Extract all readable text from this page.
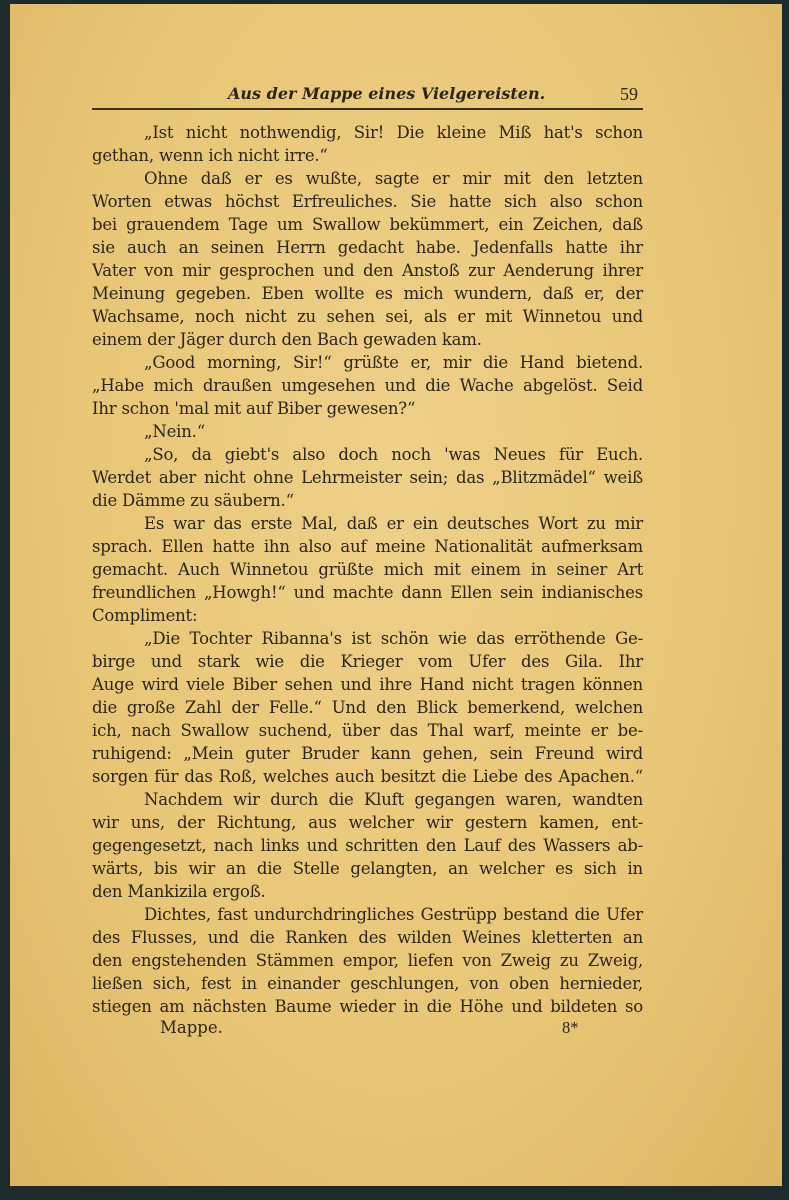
Aus der Mappe eines Vielgereisten.	59
„Ist nicht nothwendig, Sir! Die kleine Miß hat's schon
gethan, wenn ich nicht irre.“
Ohne daß er es wußte, sagte er mir mit den letzten
Worten etwas höchst Erfreuliches. Sie hatte sich also schon
bei grauendem Tage um Swallow bekümmert, ein Zeichen, daß
sie auch an seinen Herrn gedacht habe. Jedenfalls hatte ihr
Vater von mir gesprochen und den Anstoß zur Aenderung ihrer
Meinung gegeben. Eben wollte es mich wundern, daß er, der
Wachsame, noch nicht zu sehen sei, als er mit Winnetou und
einem der Jäger durch den Bach gewaden kam.
„Good morning, Sir!“ grüßte er, mir die Hand bietend.
„Habe mich draußen umgesehen und die Wache abgelöst. Seid
Ihr schon 'mal mit auf Biber gewesen?“
„Nein.“
„So, da giebt's also doch noch 'was Neues für Euch.
Werdet aber nicht ohne Lehrmeister sein; das „Blitzmädel“ weiß
die Dämme zu säubern.“
Es war das erste Mal, daß er ein deutsches Wort zu mir
sprach. Ellen hatte ihn also auf meine Nationalität aufmerksam
gemacht. Auch Winnetou grüßte mich mit einem in seiner Art
freundlichen „Howgh!“ und machte dann Ellen sein indianisches
Compliment:
„Die Tochter Ribanna's ist schön wie das erröthende Ge-
birge und stark wie die Krieger vom Ufer des Gila. Ihr
Auge wird viele Biber sehen und ihre Hand nicht tragen können
die große Zahl der Felle.“ Und den Blick bemerkend, welchen
ich, nach Swallow suchend, über das Thal warf, meinte er be-
ruhigend: „Mein guter Bruder kann gehen, sein Freund wird
sorgen für das Roß, welches auch besitzt die Liebe des Apachen.“
Nachdem wir durch die Kluft gegangen waren, wandten
wir uns, der Richtung, aus welcher wir gestern kamen, ent-
gegengesetzt, nach links und schritten den Lauf des Wassers ab-
wärts, bis wir an die Stelle gelangten, an welcher es sich in
den Mankizila ergoß.
Dichtes, fast undurchdringliches Gestrüpp bestand die Ufer
des Flusses, und die Ranken des wilden Weines kletterten an
den engstehenden Stämmen empor, liefen von Zweig zu Zweig,
ließen sich, fest in einander geschlungen, von oben hernieder,
stiegen am nächsten Baume wieder in die Höhe und bildeten so
Mappe.	8*
